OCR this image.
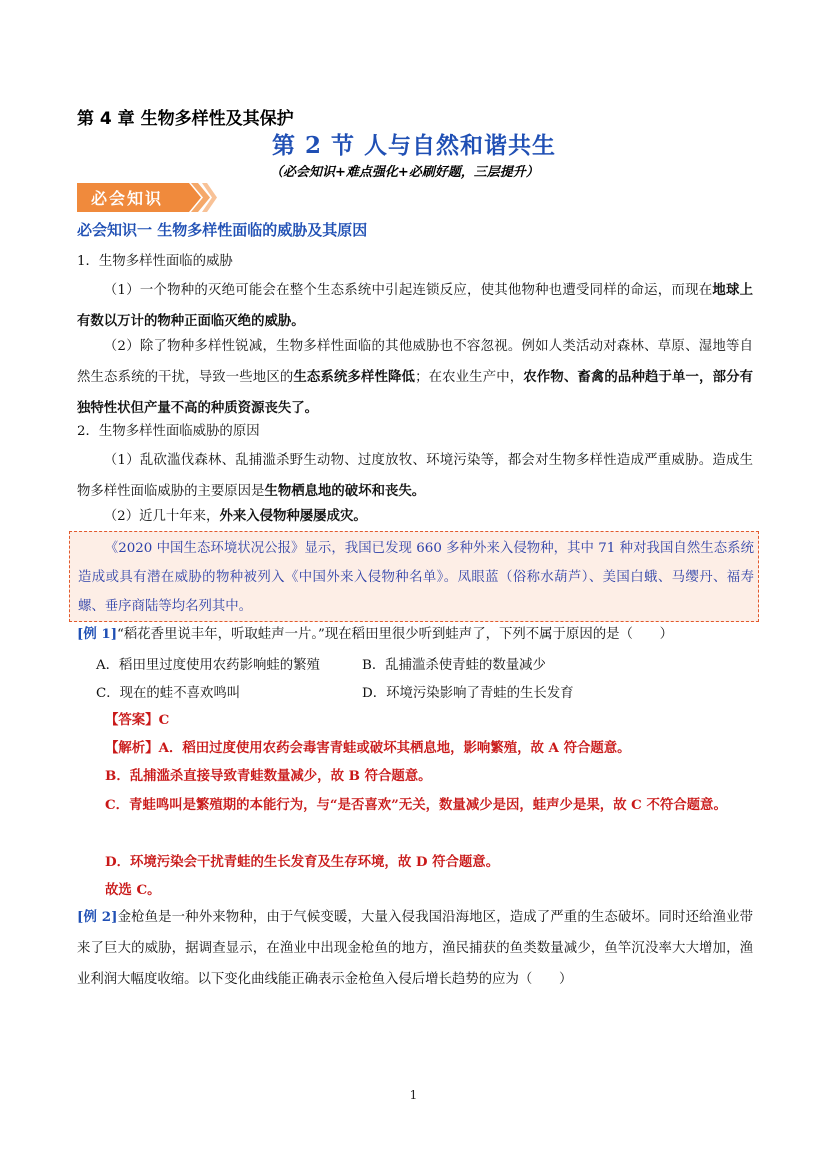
第 4 章 生物多样性及其保护
第 2 节 人与自然和谐共生
（必会知识+难点强化+必刷好题，三层提升）
必会知识
必会知识一 生物多样性面临的威胁及其原因
1．生物多样性面临的威胁
（1）一个物种的灭绝可能会在整个生态系统中引起连锁反应，使其他物种也遭受同样的命运，而现在地球上有数以万计的物种正面临灭绝的威胁。
（2）除了物种多样性锐减，生物多样性面临的其他威胁也不容忽视。例如人类活动对森林、草原、湿地等自然生态系统的干扰，导致一些地区的生态系统多样性降低；在农业生产中，农作物、畜禽的品种趋于单一，部分有独特性状但产量不高的种质资源丧失了。
2．生物多样性面临威胁的原因
（1）乱砍滥伐森林、乱捕滥杀野生动物、过度放牧、环境污染等，都会对生物多样性造成严重威胁。造成生物多样性面临威胁的主要原因是生物栖息地的破坏和丧失。
（2）近几十年来，外来入侵物种屡屡成灾。
《2020 中国生态环境状况公报》显示，我国已发现 660 多种外来入侵物种，其中 71 种对我国自然生态系统造成或具有潜在威胁的物种被列入《中国外来入侵物种名单》。凤眼蓝（俗称水葫芦）、美国白蛾、马缨丹、福寿螺、垂序商陆等均名列其中。
[例 1]“稻花香里说丰年，听取蛙声一片。”现在稻田里很少听到蛙声了，下列不属于原因的是（　　）
A．稻田里过度使用农药影响蛙的繁殖	B．乱捕滥杀使青蛙的数量减少
C．现在的蛙不喜欢鸣叫	D．环境污染影响了青蛙的生长发育
【答案】C
【解析】A．稻田过度使用农药会毒害青蛙或破坏其栖息地，影响繁殖，故 A 符合题意。
B．乱捕滥杀直接导致青蛙数量减少，故 B 符合题意。
C．青蛙鸣叫是繁殖期的本能行为，与“是否喜欢”无关，数量减少是因，蛙声少是果，故 C 不符合题意。
D．环境污染会干扰青蛙的生长发育及生存环境，故 D 符合题意。
故选 C。
[例 2]金枪鱼是一种外来物种，由于气候变暖，大量入侵我国沿海地区，造成了严重的生态破坏。同时还给渔业带来了巨大的威胁，据调查显示，在渔业中出现金枪鱼的地方，渔民捕获的鱼类数量减少，鱼竿沉没率大大增加，渔业利润大幅度收缩。以下变化曲线能正确表示金枪鱼入侵后增长趋势的应为（　　）
1
